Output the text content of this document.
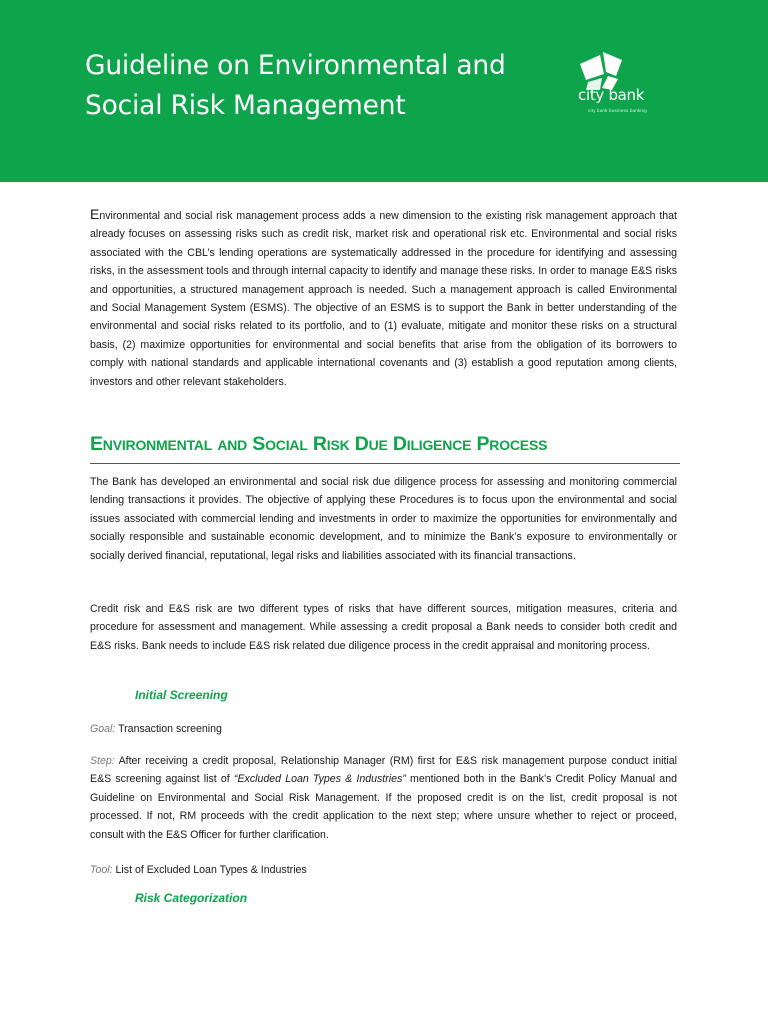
Guideline on Environmental and
Social Risk Management	city bank
city bank business banking

Environmental and social risk management process adds a new dimension to the existing risk management approach that already focuses on assessing risks such as credit risk, market risk and operational risk etc. Environmental and social risks associated with the CBL’s lending operations are systematically addressed in the procedure for identifying and assessing risks, in the assessment tools and through internal capacity to identify and manage these risks. In order to manage E&S risks and opportunities, a structured management approach is needed. Such a management approach is called Environmental and Social Management System (ESMS). The objective of an ESMS is to support the Bank in better understanding of the environmental and social risks related to its portfolio, and to (1) evaluate, mitigate and monitor these risks on a structural basis, (2) maximize opportunities for environmental and social benefits that arise from the obligation of its borrowers to comply with national standards and applicable international covenants and (3) establish a good reputation among clients, investors and other relevant stakeholders.

Environmental and Social Risk Due Diligence Process

The Bank has developed an environmental and social risk due diligence process for assessing and monitoring commercial lending transactions it provides. The objective of applying these Procedures is to focus upon the environmental and social issues associated with commercial lending and investments in order to maximize the opportunities for environmentally and socially responsible and sustainable economic development, and to minimize the Bank’s exposure to environmentally or socially derived financial, reputational, legal risks and liabilities associated with its financial transactions.

Credit risk and E&S risk are two different types of risks that have different sources, mitigation measures, criteria and procedure for assessment and management. While assessing a credit proposal a Bank needs to consider both credit and E&S risks. Bank needs to include E&S risk related due diligence process in the credit appraisal and monitoring process.

Initial Screening

Goal: Transaction screening

Step: After receiving a credit proposal, Relationship Manager (RM) first for E&S risk management purpose conduct initial E&S screening against list of “Excluded Loan Types & Industries” mentioned both in the Bank’s Credit Policy Manual and Guideline on Environmental and Social Risk Management. If the proposed credit is on the list, credit proposal is not processed. If not, RM proceeds with the credit application to the next step; where unsure whether to reject or proceed, consult with the E&S Officer for further clarification.

Tool: List of Excluded Loan Types & Industries

Risk Categorization
